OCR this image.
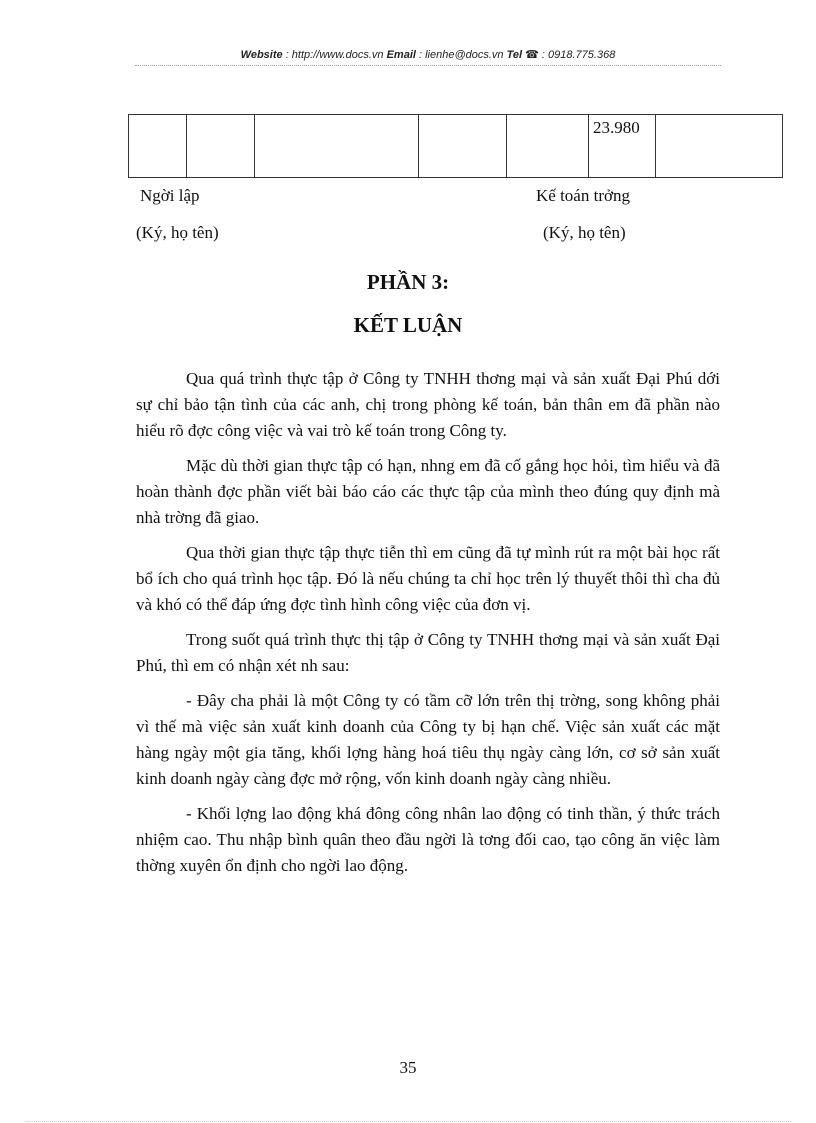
Website : http://www.docs.vn Email : lienhe@docs.vn Tel ☎ : 0918.775.368
					23.980	
Ngời lập
(Ký, họ tên)
Kế toán trởng
(Ký, họ tên)
PHẦN 3:
KẾT LUẬN

Qua quá trình thực tập ở Công ty TNHH thơng mại và sản xuất Đại Phú dới sự chỉ bảo tận tình của các anh, chị trong phòng kế toán, bản thân em đã phần nào hiểu rõ đợc công việc và vai trò kế toán trong Công ty.

Mặc dù thời gian thực tập có hạn, nhng em đã cố gắng học hỏi, tìm hiểu và đã hoàn thành đợc phần viết bài báo cáo các thực tập của mình theo đúng quy định mà nhà trờng đã giao.

Qua thời gian thực tập thực tiễn thì em cũng đã tự mình rút ra một bài học rất bổ ích cho quá trình học tập. Đó là nếu chúng ta chỉ học trên lý thuyết thôi thì cha đủ và khó có thể đáp ứng đợc tình hình công việc của đơn vị.

Trong suốt quá trình thực thị tập ở Công ty TNHH thơng mại và sản xuất Đại Phú, thì em có nhận xét nh sau:

- Đây cha phải là một Công ty có tầm cỡ lớn trên thị trờng, song không phải vì thế mà việc sản xuất kinh doanh của Công ty bị hạn chế. Việc sản xuất các mặt hàng ngày một gia tăng, khối lợng hàng hoá tiêu thụ ngày càng lớn, cơ sở sản xuất kinh doanh ngày càng đợc mở rộng, vốn kinh doanh ngày càng nhiều.

- Khối lợng lao động khá đông công nhân lao động có tinh thần, ý thức trách nhiệm cao. Thu nhập bình quân theo đầu ngời là tơng đối cao, tạo công ăn việc làm thờng xuyên ổn định cho ngời lao động.

35
